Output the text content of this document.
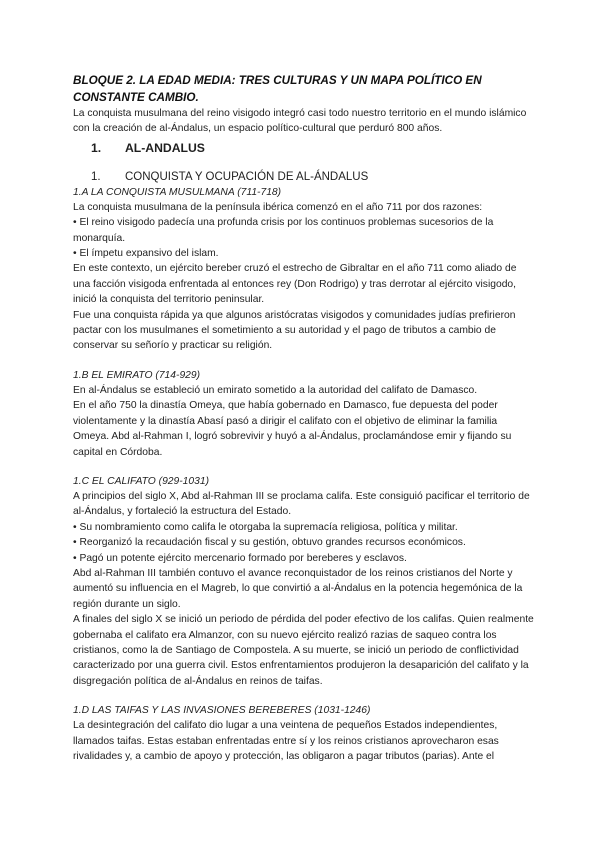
BLOQUE 2. LA EDAD MEDIA: TRES CULTURAS Y UN MAPA POLÍTICO EN CONSTANTE CAMBIO.

La conquista musulmana del reino visigodo integró casi todo nuestro territorio en el mundo islámico con la creación de al-Ándalus, un espacio político-cultural que perduró 800 años.

1.	AL-ANDALUS
1.	CONQUISTA Y OCUPACIÓN DE AL-ÁNDALUS

1.A LA CONQUISTA MUSULMANA (711-718)

La conquista musulmana de la península ibérica comenzó en el año 711 por dos razones:

• El reino visigodo padecía una profunda crisis por los continuos problemas sucesorios de la monarquía.

• El ímpetu expansivo del islam.

En este contexto, un ejército bereber cruzó el estrecho de Gibraltar en el año 711 como aliado de una facción visigoda enfrentada al entonces rey (Don Rodrigo) y tras derrotar al ejército visigodo, inició la conquista del territorio peninsular.

Fue una conquista rápida ya que algunos aristócratas visigodos y comunidades judías prefirieron pactar con los musulmanes el sometimiento a su autoridad y el pago de tributos a cambio de conservar su señorío y practicar su religión.

1.B EL EMIRATO (714-929)

En al-Ándalus se estableció un emirato sometido a la autoridad del califato de Damasco.

En el año 750 la dinastía Omeya, que había gobernado en Damasco, fue depuesta del poder violentamente y la dinastía Abasí pasó a dirigir el califato con el objetivo de eliminar la familia Omeya. Abd al-Rahman I, logró sobrevivir y huyó a al-Ándalus, proclamándose emir y fijando su capital en Córdoba.

1.C EL CALIFATO (929-1031)

A principios del siglo X, Abd al-Rahman III se proclama califa. Este consiguió pacificar el territorio de al-Ándalus, y fortaleció la estructura del Estado.

• Su nombramiento como califa le otorgaba la supremacía religiosa, política y militar.

• Reorganizó la recaudación fiscal y su gestión, obtuvo grandes recursos económicos.

• Pagó un potente ejército mercenario formado por bereberes y esclavos.

Abd al-Rahman III también contuvo el avance reconquistador de los reinos cristianos del Norte y aumentó su influencia en el Magreb, lo que convirtió a al-Ándalus en la potencia hegemónica de la región durante un siglo.

A finales del siglo X se inició un periodo de pérdida del poder efectivo de los califas. Quien realmente gobernaba el califato era Almanzor, con su nuevo ejército realizó razias de saqueo contra los cristianos, como la de Santiago de Compostela. A su muerte, se inició un periodo de conflictividad caracterizado por una guerra civil. Estos enfrentamientos produjeron la desaparición del califato y la disgregación política de al-Ándalus en reinos de taifas.

1.D LAS TAIFAS Y LAS INVASIONES BEREBERES (1031-1246)

La desintegración del califato dio lugar a una veintena de pequeños Estados independientes, llamados taifas. Estas estaban enfrentadas entre sí y los reinos cristianos aprovecharon esas rivalidades y, a cambio de apoyo y protección, las obligaron a pagar tributos (parias). Ante el
